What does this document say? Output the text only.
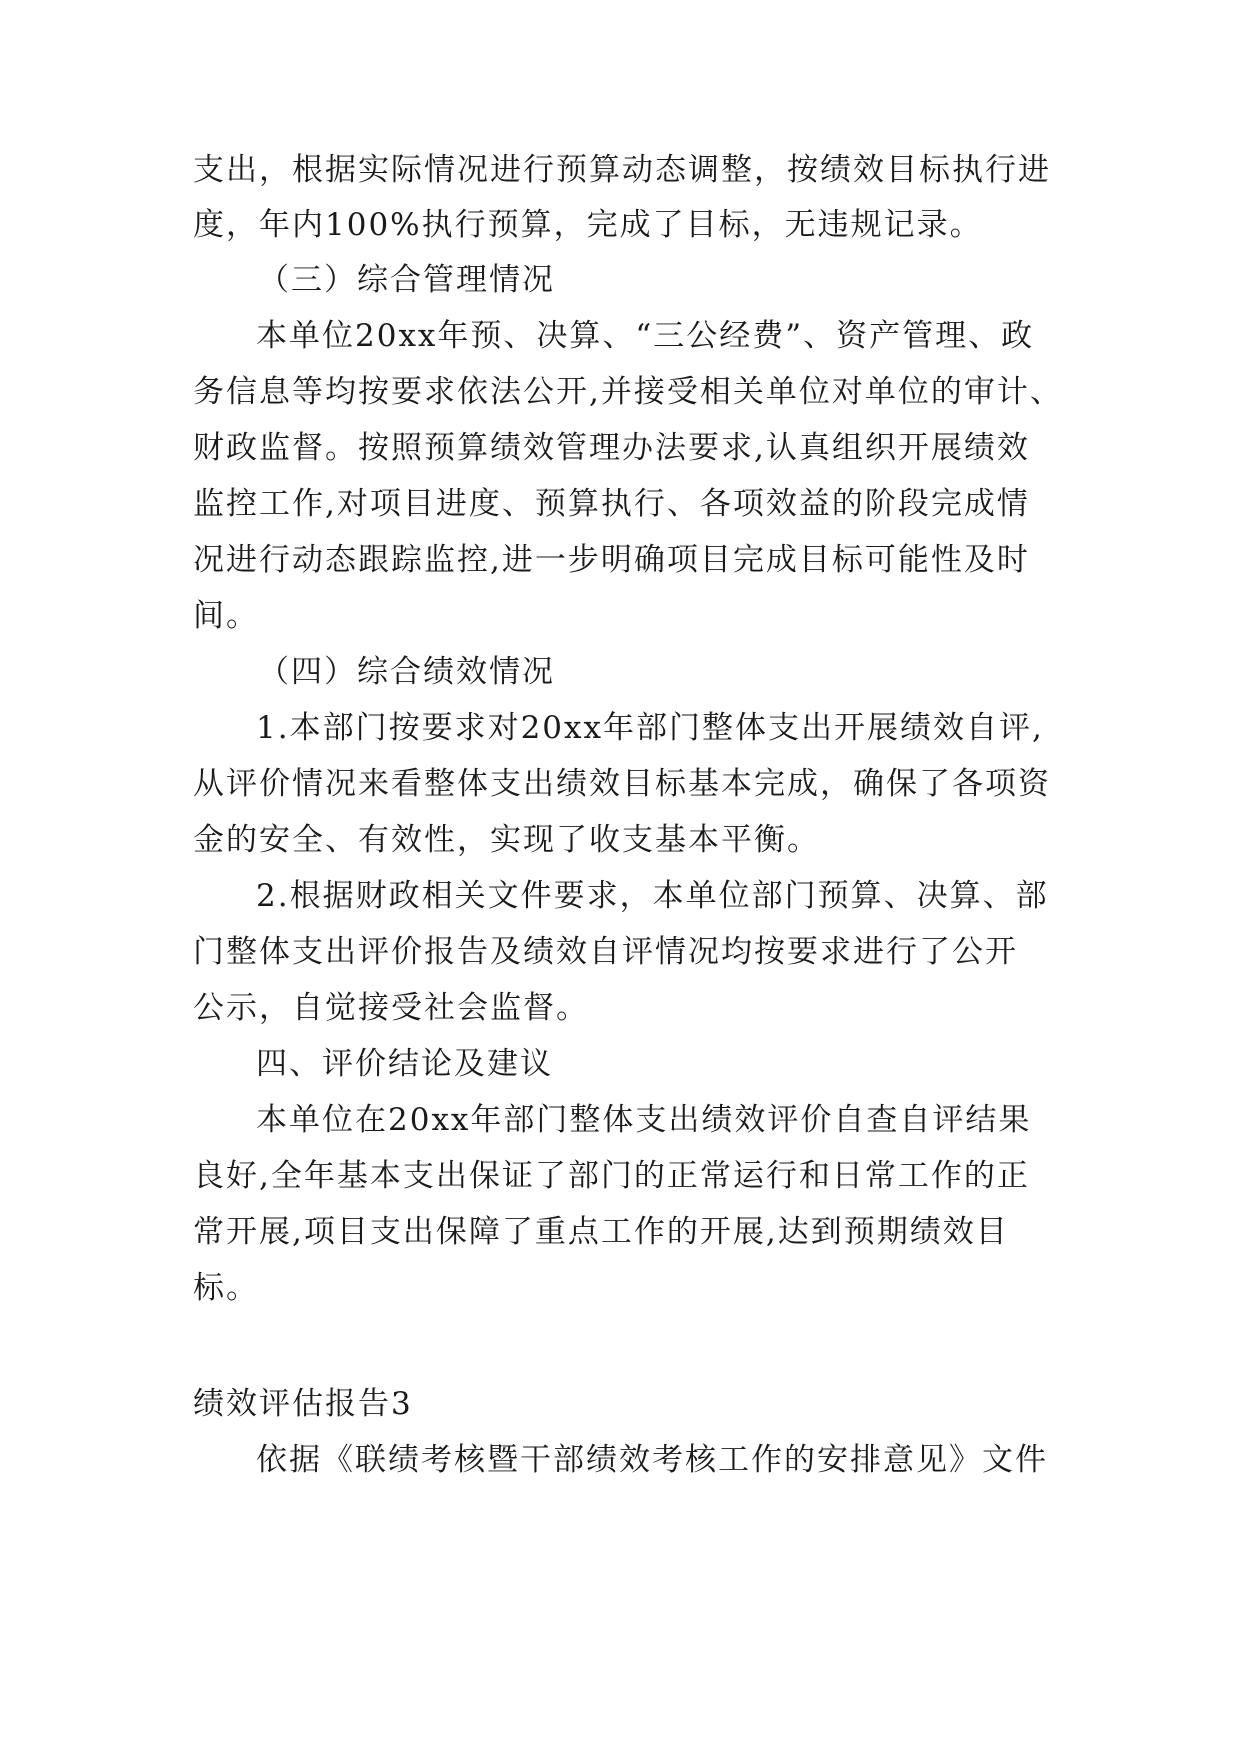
支出，根据实际情况进行预算动态调整，按绩效目标执行进
度，年内100%执行预算，完成了目标，无违规记录。
（三）综合管理情况
本单位20xx年预、决算、“三公经费”、资产管理、政
务信息等均按要求依法公开,并接受相关单位对单位的审计、
财政监督。按照预算绩效管理办法要求,认真组织开展绩效
监控工作,对项目进度、预算执行、各项效益的阶段完成情
况进行动态跟踪监控,进一步明确项目完成目标可能性及时
间。
（四）综合绩效情况
1.本部门按要求对20xx年部门整体支出开展绩效自评,
从评价情况来看整体支出绩效目标基本完成，确保了各项资
金的安全、有效性，实现了收支基本平衡。
2.根据财政相关文件要求，本单位部门预算、决算、部
门整体支出评价报告及绩效自评情况均按要求进行了公开
公示，自觉接受社会监督。
四、评价结论及建议
本单位在20xx年部门整体支出绩效评价自查自评结果
良好,全年基本支出保证了部门的正常运行和日常工作的正
常开展,项目支出保障了重点工作的开展,达到预期绩效目
标。
绩效评估报告3
依据《联绩考核暨干部绩效考核工作的安排意见》文件
